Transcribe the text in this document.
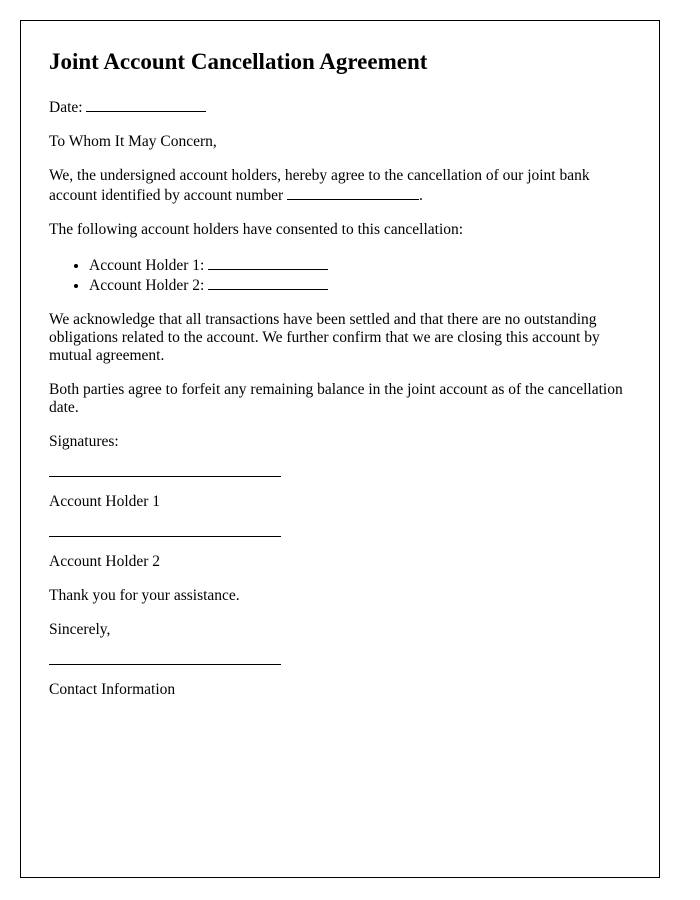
Joint Account Cancellation Agreement

Date:

To Whom It May Concern,

We, the undersigned account holders, hereby agree to the cancellation of our joint bank account identified by account number	.

The following account holders have consented to this cancellation:

• Account Holder 1:
• Account Holder 2:

We acknowledge that all transactions have been settled and that there are no outstanding obligations related to the account. We further confirm that we are closing this account by mutual agreement.

Both parties agree to forfeit any remaining balance in the joint account as of the cancellation date.

Signatures:

Account Holder 1

Account Holder 2

Thank you for your assistance.

Sincerely,

Contact Information
